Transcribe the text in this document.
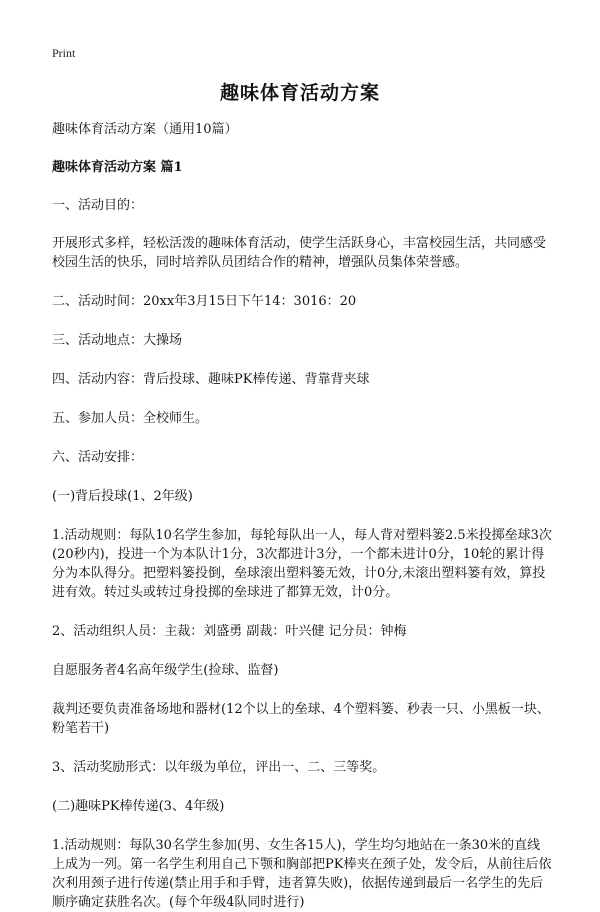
Print
趣味体育活动方案

趣味体育活动方案（通用10篇）

趣味体育活动方案 篇1

一、活动目的：

开展形式多样，轻松活泼的趣味体育活动，使学生活跃身心，丰富校园生活，共同感受校园生活的快乐，同时培养队员团结合作的精神，增强队员集体荣誉感。

二、活动时间：20xx年3月15日下午14：3016：20

三、活动地点：大操场

四、活动内容：背后投球、趣味PK棒传递、背靠背夹球

五、参加人员：全校师生。

六、活动安排：

(一)背后投球(1、2年级)

1.活动规则：每队10名学生参加，每轮每队出一人，每人背对塑料篓2.5米投掷垒球3次(20秒内)，投进一个为本队计1分，3次都进计3分，一个都未进计0分，10轮的累计得分为本队得分。把塑料篓投倒，垒球滚出塑料篓无效，计0分,未滚出塑料篓有效，算投进有效。转过头或转过身投掷的垒球进了都算无效，计0分。

2、活动组织人员：主裁：刘盛勇 副裁：叶兴健 记分员：钟梅

自愿服务者4名高年级学生(捡球、监督)

裁判还要负责准备场地和器材(12个以上的垒球、4个塑料篓、秒表一只、小黑板一块、粉笔若干)

3、活动奖励形式：以年级为单位，评出一、二、三等奖。

(二)趣味PK棒传递(3、4年级)

1.活动规则：每队30名学生参加(男、女生各15人)，学生均匀地站在一条30米的直线上成为一列。第一名学生利用自己下颚和胸部把PK棒夹在颈子处，发令后，从前往后依次利用颈子进行传递(禁止用手和手臂，违者算失败)，依据传递到最后一名学生的先后顺序确定获胜名次。(每个年级4队同时进行)
